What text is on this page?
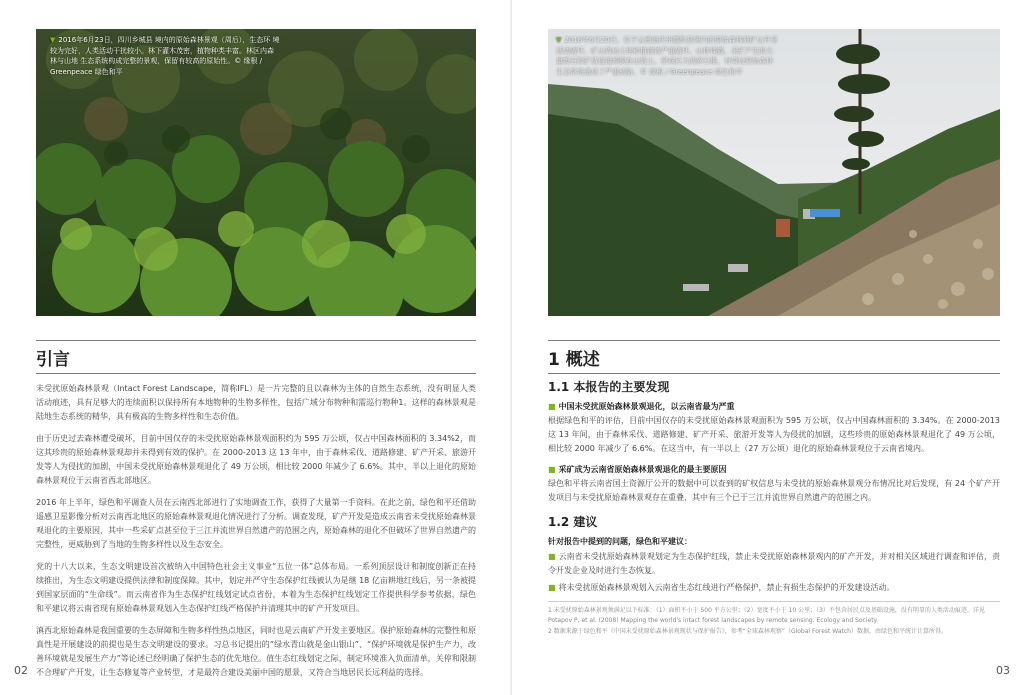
▼ 2016年6月23日，四川乡城县 境内的原始森林景观（周后），生态环 境较为完好，人类活动干扰较小。林下灌木茂密，植物种类丰富。林区内森林与山地 生态系统构成完整的景观，保留有较高的原始性。© 缘根 / Greenpeace 绿色和平
引言

未受扰原始森林景观（Intact Forest Landscape，简称IFL）是一片完整的且以森林为主体的自然生态系统，没有明显人类活动痕迹，具有足够大的连续面积以保持所有本地物种的生物多样性，包括广域分布物种和需巡行物种1。这样的森林景观是陆地生态系统的精华，具有极高的生物多样性和生态价值。

由于历史过去森林遭受破坏，目前中国仅存的未受扰原始森林景观面积约为 595 万公顷，仅占中国森林面积的 3.34%2，而这其珍贵的原始森林景观却并未得到有效的保护。在 2000-2013 这 13 年中，由于森林采伐、道路修建、矿产开采、旅游开发等人为侵扰的加剧，中国未受扰原始森林景观退化了 49 万公顷，相比较 2000 年减少了 6.6%。其中，半以上退化的原始森林景观位于云南省西北部地区。

2016 年上半年，绿色和平调查人员在云南西北部进行了实地调查工作，获得了大量第一手资料。在此之前，绿色和平还借助遥感卫星影像分析对云南西北地区的原始森林景观退化情况进行了分析。调查发现，矿产开发是造成云南省未受扰原始森林景观退化的主要原因，其中一些采矿点甚至位于三江并流世界自然遗产的范围之内，原始森林的退化不但破坏了世界自然遗产的完整性，更威胁到了当地的生物多样性以及生态安全。

党的十八大以来，生态文明建设首次被纳入中国特色社会主义事业“五位一体”总体布局。一系列顶层设计和制度创新正在持续推出，为生态文明建设提供法律和制度保障。其中，划定并严守生态保护红线被认为是继 18 亿亩耕地红线后，另一条被提到国家层面的“生命线”。而云南省作为生态保护红线划定试点省份，本着为生态保护红线划定工作提供科学参考依据，绿色和平建议将云南省现有原始森林景观划入生态保护红线严格保护并清理其中的矿产开发项目。

滇西北原始森林是我国重要的生态屏障和生物多样性热点地区，同时也是云南矿产开发主要地区。保护原始森林的完整性和原真性是开展建设的前提也是生态文明建设的要求。习总书记提出的“绿水青山就是金山银山”、“保护环境就是保护生产力，改善环境就是发展生产力”等论述已经明确了保护生态的优先地位。值生态红线划定之际，制定环境准入负面清单，关停和限制不合理矿产开发，让生态修复等产业转型，才是最符合建设美丽中国的愿景，又符合当地居民长远利益的选择。

02
▼ 2016年6月20日，位于云南迪庆州德钦县境内的原始森林被矿山开采活动破坏，矿山周边土地和植被被严重破坏，山体裸露，采矿产生的大量废石和矿渣直接倾倒在山坡上，形成巨大的碎石堆，对周边原始森林生态系统造成了严重威胁。© 缘根 / Greenpeace 绿色和平
1 概述
1.1 本报告的主要发现
■ 中国未受扰原始森林景观退化，以云南省最为严重

根据绿色和平的评估，目前中国仅存的未受扰原始森林景观面积为 595 万公顷，仅占中国森林面积的 3.34%。在 2000-2013 这 13 年间，由于森林采伐、道路修建、矿产开采、旅游开发等人为侵扰的加剧，这些珍贵的原始森林景观退化了 49 万公顷，相比较 2000 年减少了 6.6%。在这当中，有一半以上（27 万公顷）退化的原始森林景观位于云南省境内。

■ 采矿成为云南省原始森林景观退化的最主要原因

绿色和平将云南省国土资源厅公开的数据中可以查到的矿权信息与未受扰的原始森林景观分布情况比对后发现，有 24 个矿产开发项目与未受扰原始森林景观存在重叠，其中有三个已于三江并流世界自然遗产的范围之内。

1.2 建议
针对报告中提到的问题，绿色和平建议：
■ 云南省未受扰原始森林景观划定为生态保护红线，禁止未受扰原始森林景观内的矿产开发，并对相关区域进行调查和评估，责令开发企业及时进行生态恢复。
■ 将未受扰原始森林景观划入云南省生态红线进行严格保护，禁止有损生态保护的开发建设活动。

1 未受扰原始森林景观须满足以下标准：（1）面积不小于 500 平方公里；（2）宽度不小于 10 公里；（3）不包含居民点及基础设施，没有明显的人类活动痕迹。详见 Potapov P, et al. (2008) Mapping the world's intact forest landscapes by remote sensing. Ecology and Society.

2 数据来源于绿色和平《中国未受扰原始森林景观现状与保护报告》，参考“全球森林观察”（Global Forest Watch）数据，由绿色和平统计计算所得。

03
